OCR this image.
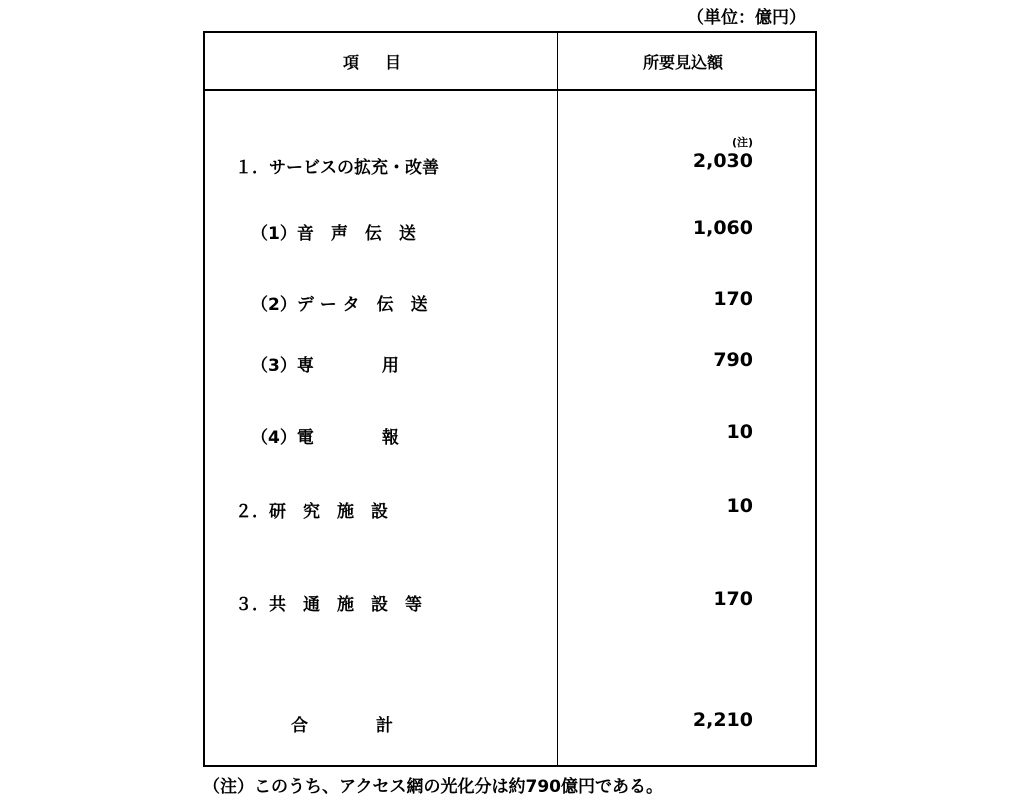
（単位：億円）
項目	所要見込額
(注)
１．サービスの拡充・改善	2,030
（1）音　声　伝　送	1,060
（2）デ ー タ　伝　送	170
（3）専　　　　用	790
（4）電　　　　報	10
２．研　究　施　設	10
３．共　通　施　設　等	170
合　　　　計	2,210
（注）このうち、アクセス網の光化分は約790億円である。
